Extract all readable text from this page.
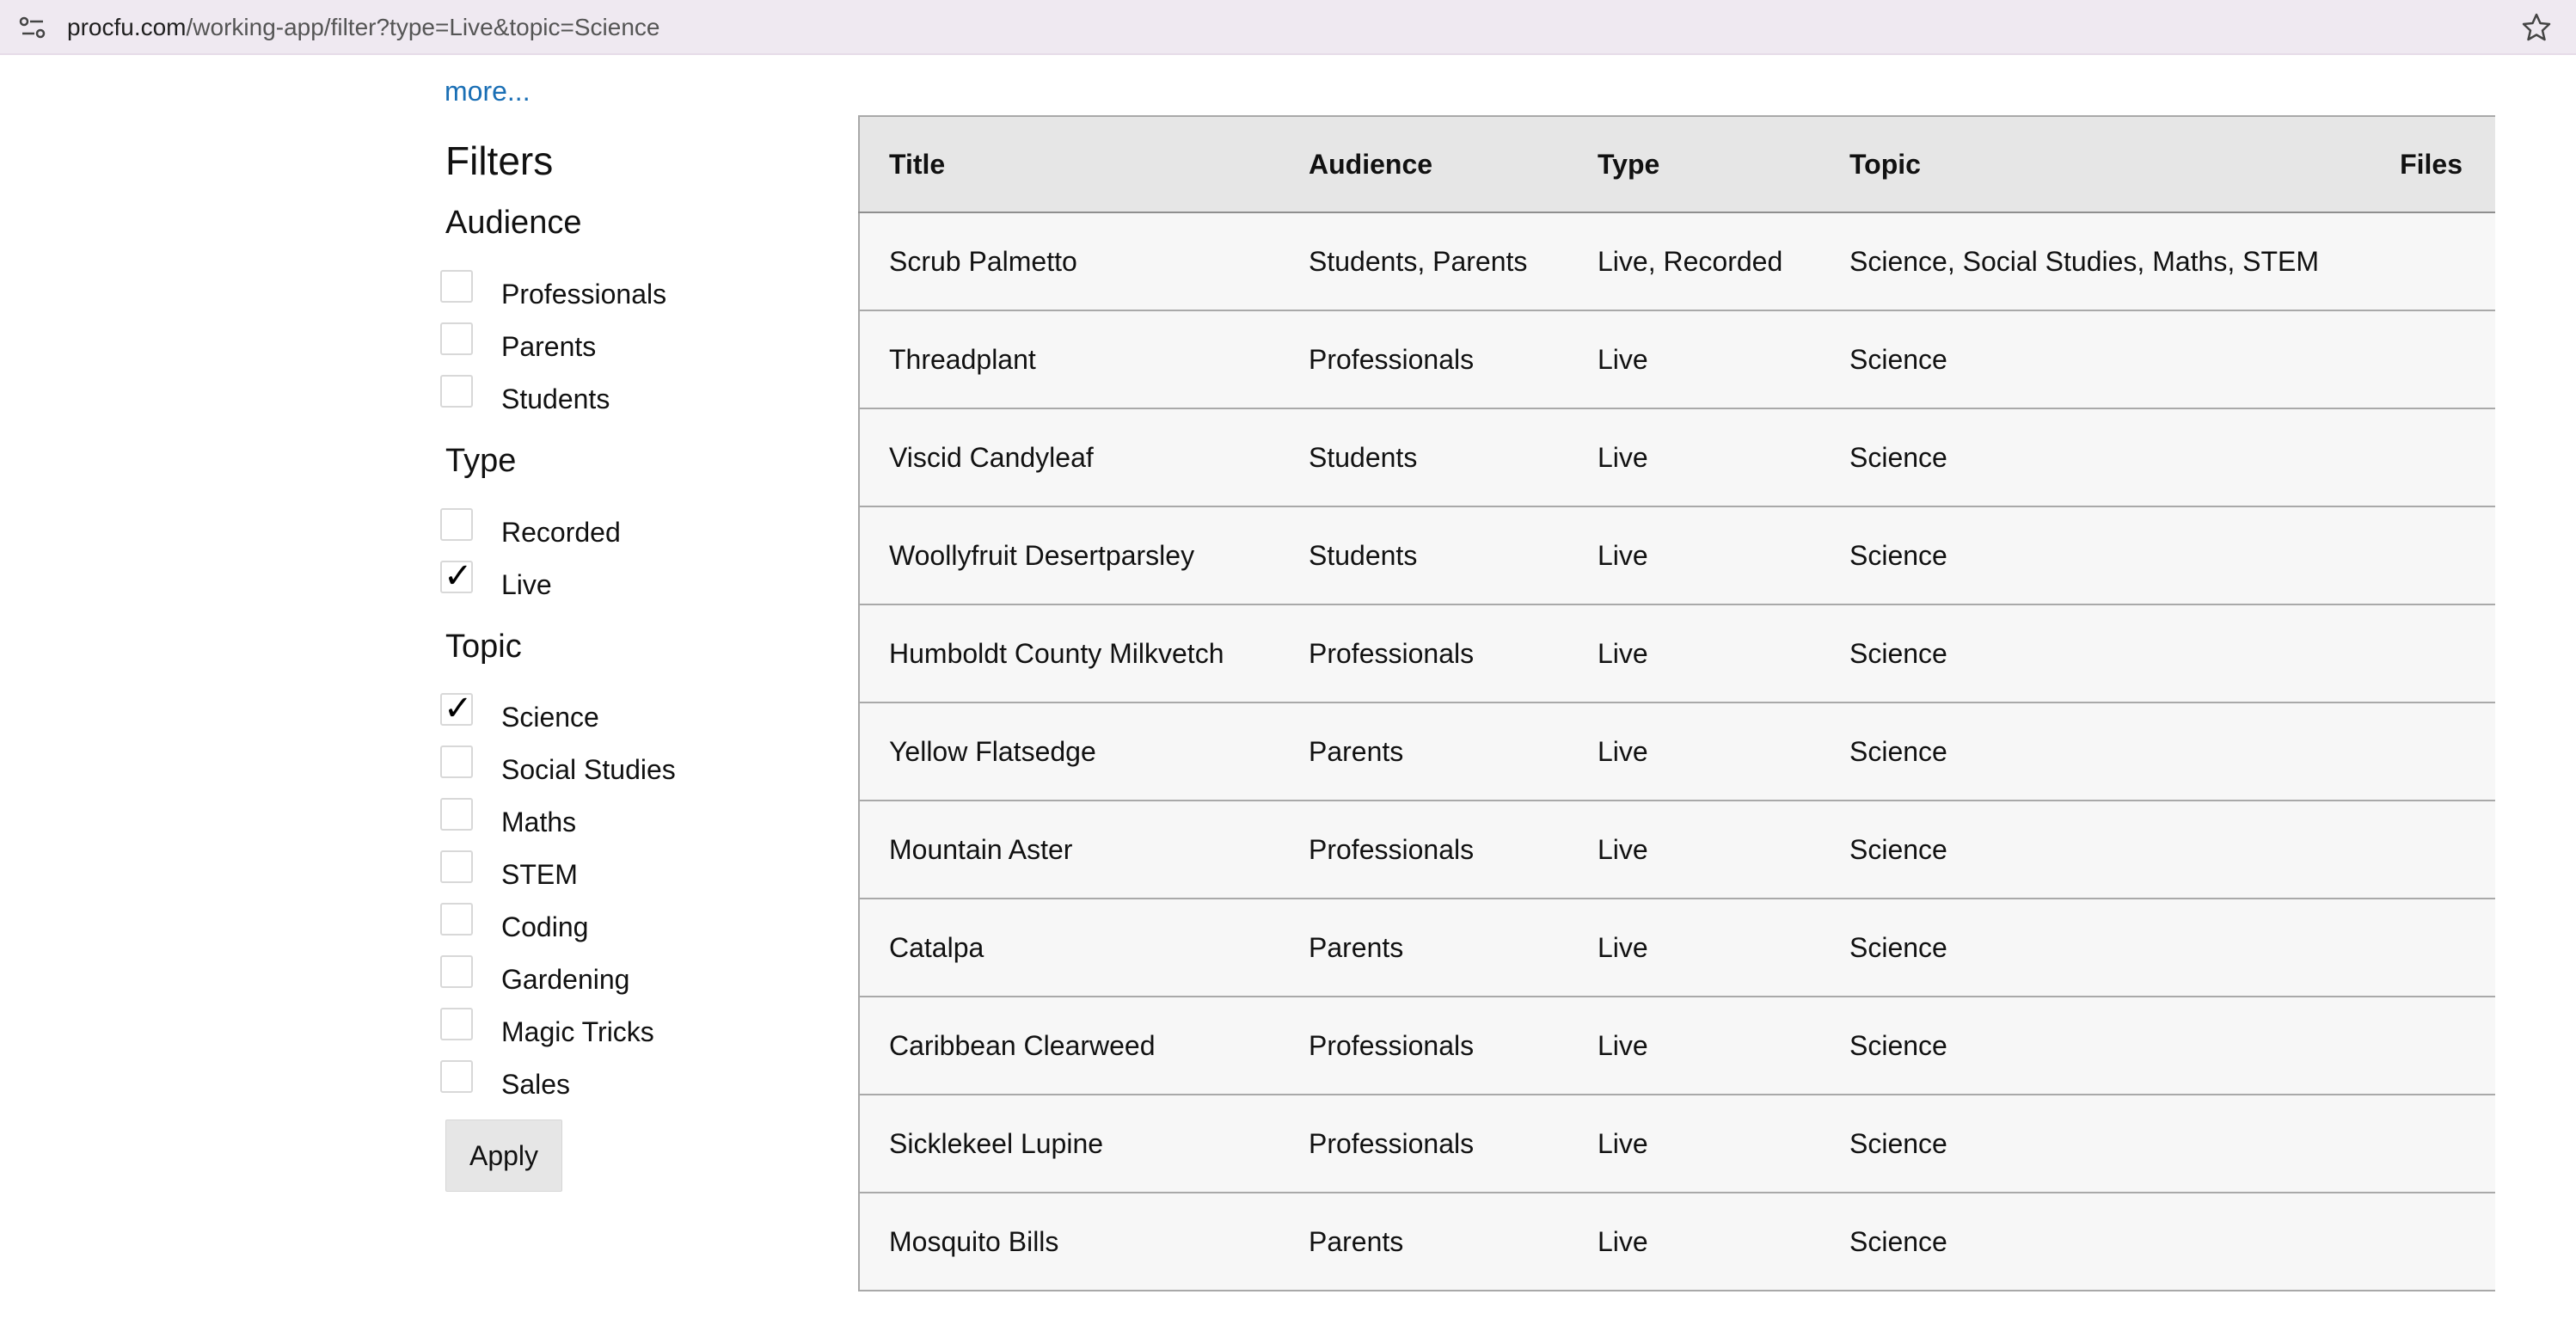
procfu.com/working-app/filter?type=Live&topic=Science
more...
Filters
Audience
Professionals
Parents
Students
Type
Recorded
✓ Live
Topic
✓ Science
Social Studies
Maths
STEM
Coding
Gardening
Magic Tricks
Sales
Apply
Title	Audience	Type	Topic	Files
Scrub Palmetto	Students, Parents	Live, Recorded	Science, Social Studies, Maths, STEM	
Threadplant	Professionals	Live	Science	
Viscid Candyleaf	Students	Live	Science	
Woollyfruit Desertparsley	Students	Live	Science	
Humboldt County Milkvetch	Professionals	Live	Science	
Yellow Flatsedge	Parents	Live	Science	
Mountain Aster	Professionals	Live	Science	
Catalpa	Parents	Live	Science	
Caribbean Clearweed	Professionals	Live	Science	
Sicklekeel Lupine	Professionals	Live	Science	
Mosquito Bills	Parents	Live	Science	
